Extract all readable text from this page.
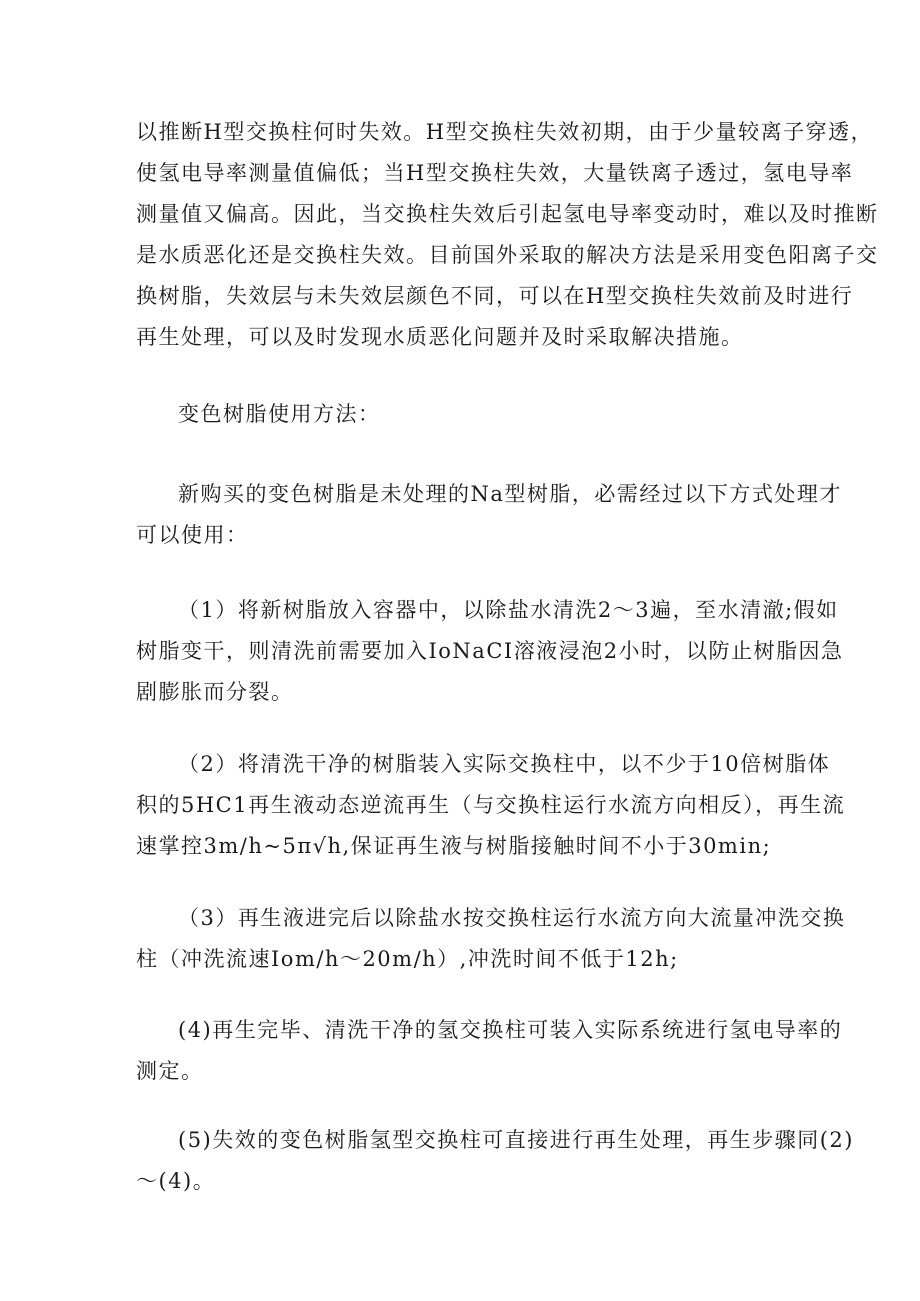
以推断H型交换柱何时失效。H型交换柱失效初期，由于少量较离子穿透，
使氢电导率测量值偏低；当H型交换柱失效，大量铁离子透过，氢电导率
测量值又偏高。因此，当交换柱失效后引起氢电导率变动时，难以及时推断
是水质恶化还是交换柱失效。目前国外采取的解决方法是采用变色阳离子交
换树脂，失效层与未失效层颜色不同，可以在H型交换柱失效前及时进行
再生处理，可以及时发现水质恶化问题并及时采取解决措施。

变色树脂使用方法：

新购买的变色树脂是未处理的Na型树脂，必需经过以下方式处理才
可以使用：

（1）将新树脂放入容器中，以除盐水清洗2～3遍，至水清澈;假如
树脂变干，则清洗前需要加入IoNaCI溶液浸泡2小时，以防止树脂因急
剧膨胀而分裂。

（2）将清洗干净的树脂装入实际交换柱中，以不少于10倍树脂体
积的5HC1再生液动态逆流再生（与交换柱运行水流方向相反），再生流
速掌控3m∕h~5π√h,保证再生液与树脂接触时间不小于30min;

（3）再生液进完后以除盐水按交换柱运行水流方向大流量冲洗交换
柱（冲洗流速Iom/h～20m∕h）,冲洗时间不低于12h;

(4)再生完毕、清洗干净的氢交换柱可装入实际系统进行氢电导率的
测定。

(5)失效的变色树脂氢型交换柱可直接进行再生处理，再生步骤同(2)
～(4)。
